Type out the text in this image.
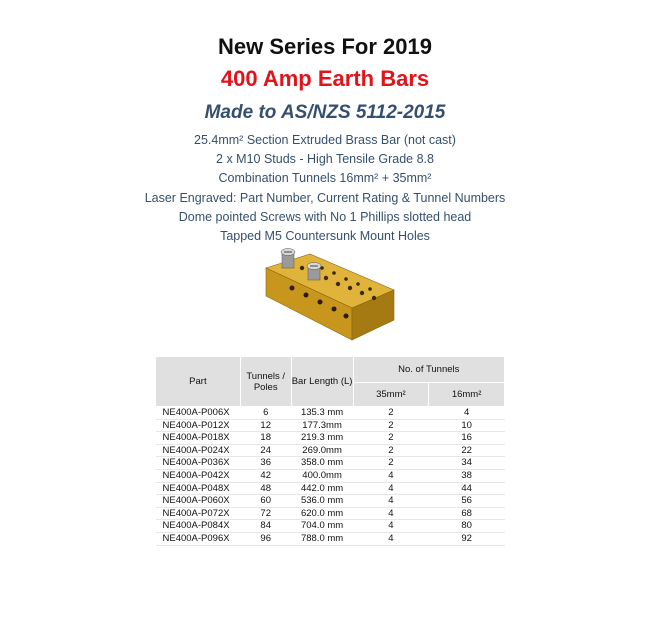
New Series For 2019
400 Amp Earth Bars
Made to AS/NZS 5112-2015
25.4mm² Section Extruded Brass Bar (not cast)
2 x M10 Studs - High Tensile Grade 8.8
Combination Tunnels 16mm² + 35mm²
Laser Engraved: Part Number, Current Rating & Tunnel Numbers
Dome pointed Screws with No 1 Phillips slotted head
Tapped M5 Countersunk Mount Holes
Part	Tunnels / Poles	Bar Length (L)	No. of Tunnels	
			35mm²	16mm²
NE400A-P006X	6	135.3 mm	2	4
NE400A-P012X	12	177.3mm	2	10
NE400A-P018X	18	219.3 mm	2	16
NE400A-P024X	24	269.0mm	2	22
NE400A-P036X	36	358.0 mm	2	34
NE400A-P042X	42	400.0mm	4	38
NE400A-P048X	48	442.0 mm	4	44
NE400A-P060X	60	536.0 mm	4	56
NE400A-P072X	72	620.0 mm	4	68
NE400A-P084X	84	704.0 mm	4	80
NE400A-P096X	96	788.0 mm	4	92
